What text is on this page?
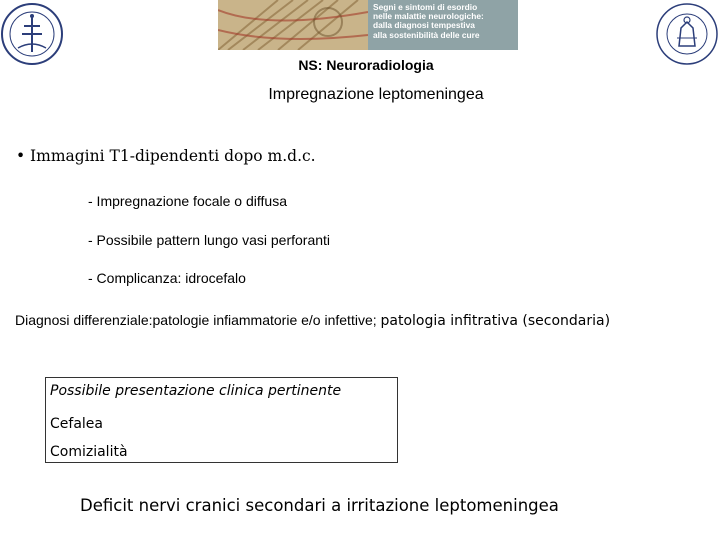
Segni e sintomi di esordio
nelle malattie neurologiche:
dalla diagnosi tempestiva
alla sostenibilità delle cure
NS: Neuroradiologia
Impregnazione leptomeningea
• Immagini T1-dipendenti dopo m.d.c.
- Impregnazione focale o diffusa
- Possibile pattern lungo vasi perforanti
- Complicanza: idrocefalo
Diagnosi differenziale:patologie infiammatorie e/o infettive; patologia infitrativa (secondaria)
Possibile presentazione clinica pertinente
Cefalea
Comizialità
Deficit nervi cranici secondari a irritazione leptomeningea
